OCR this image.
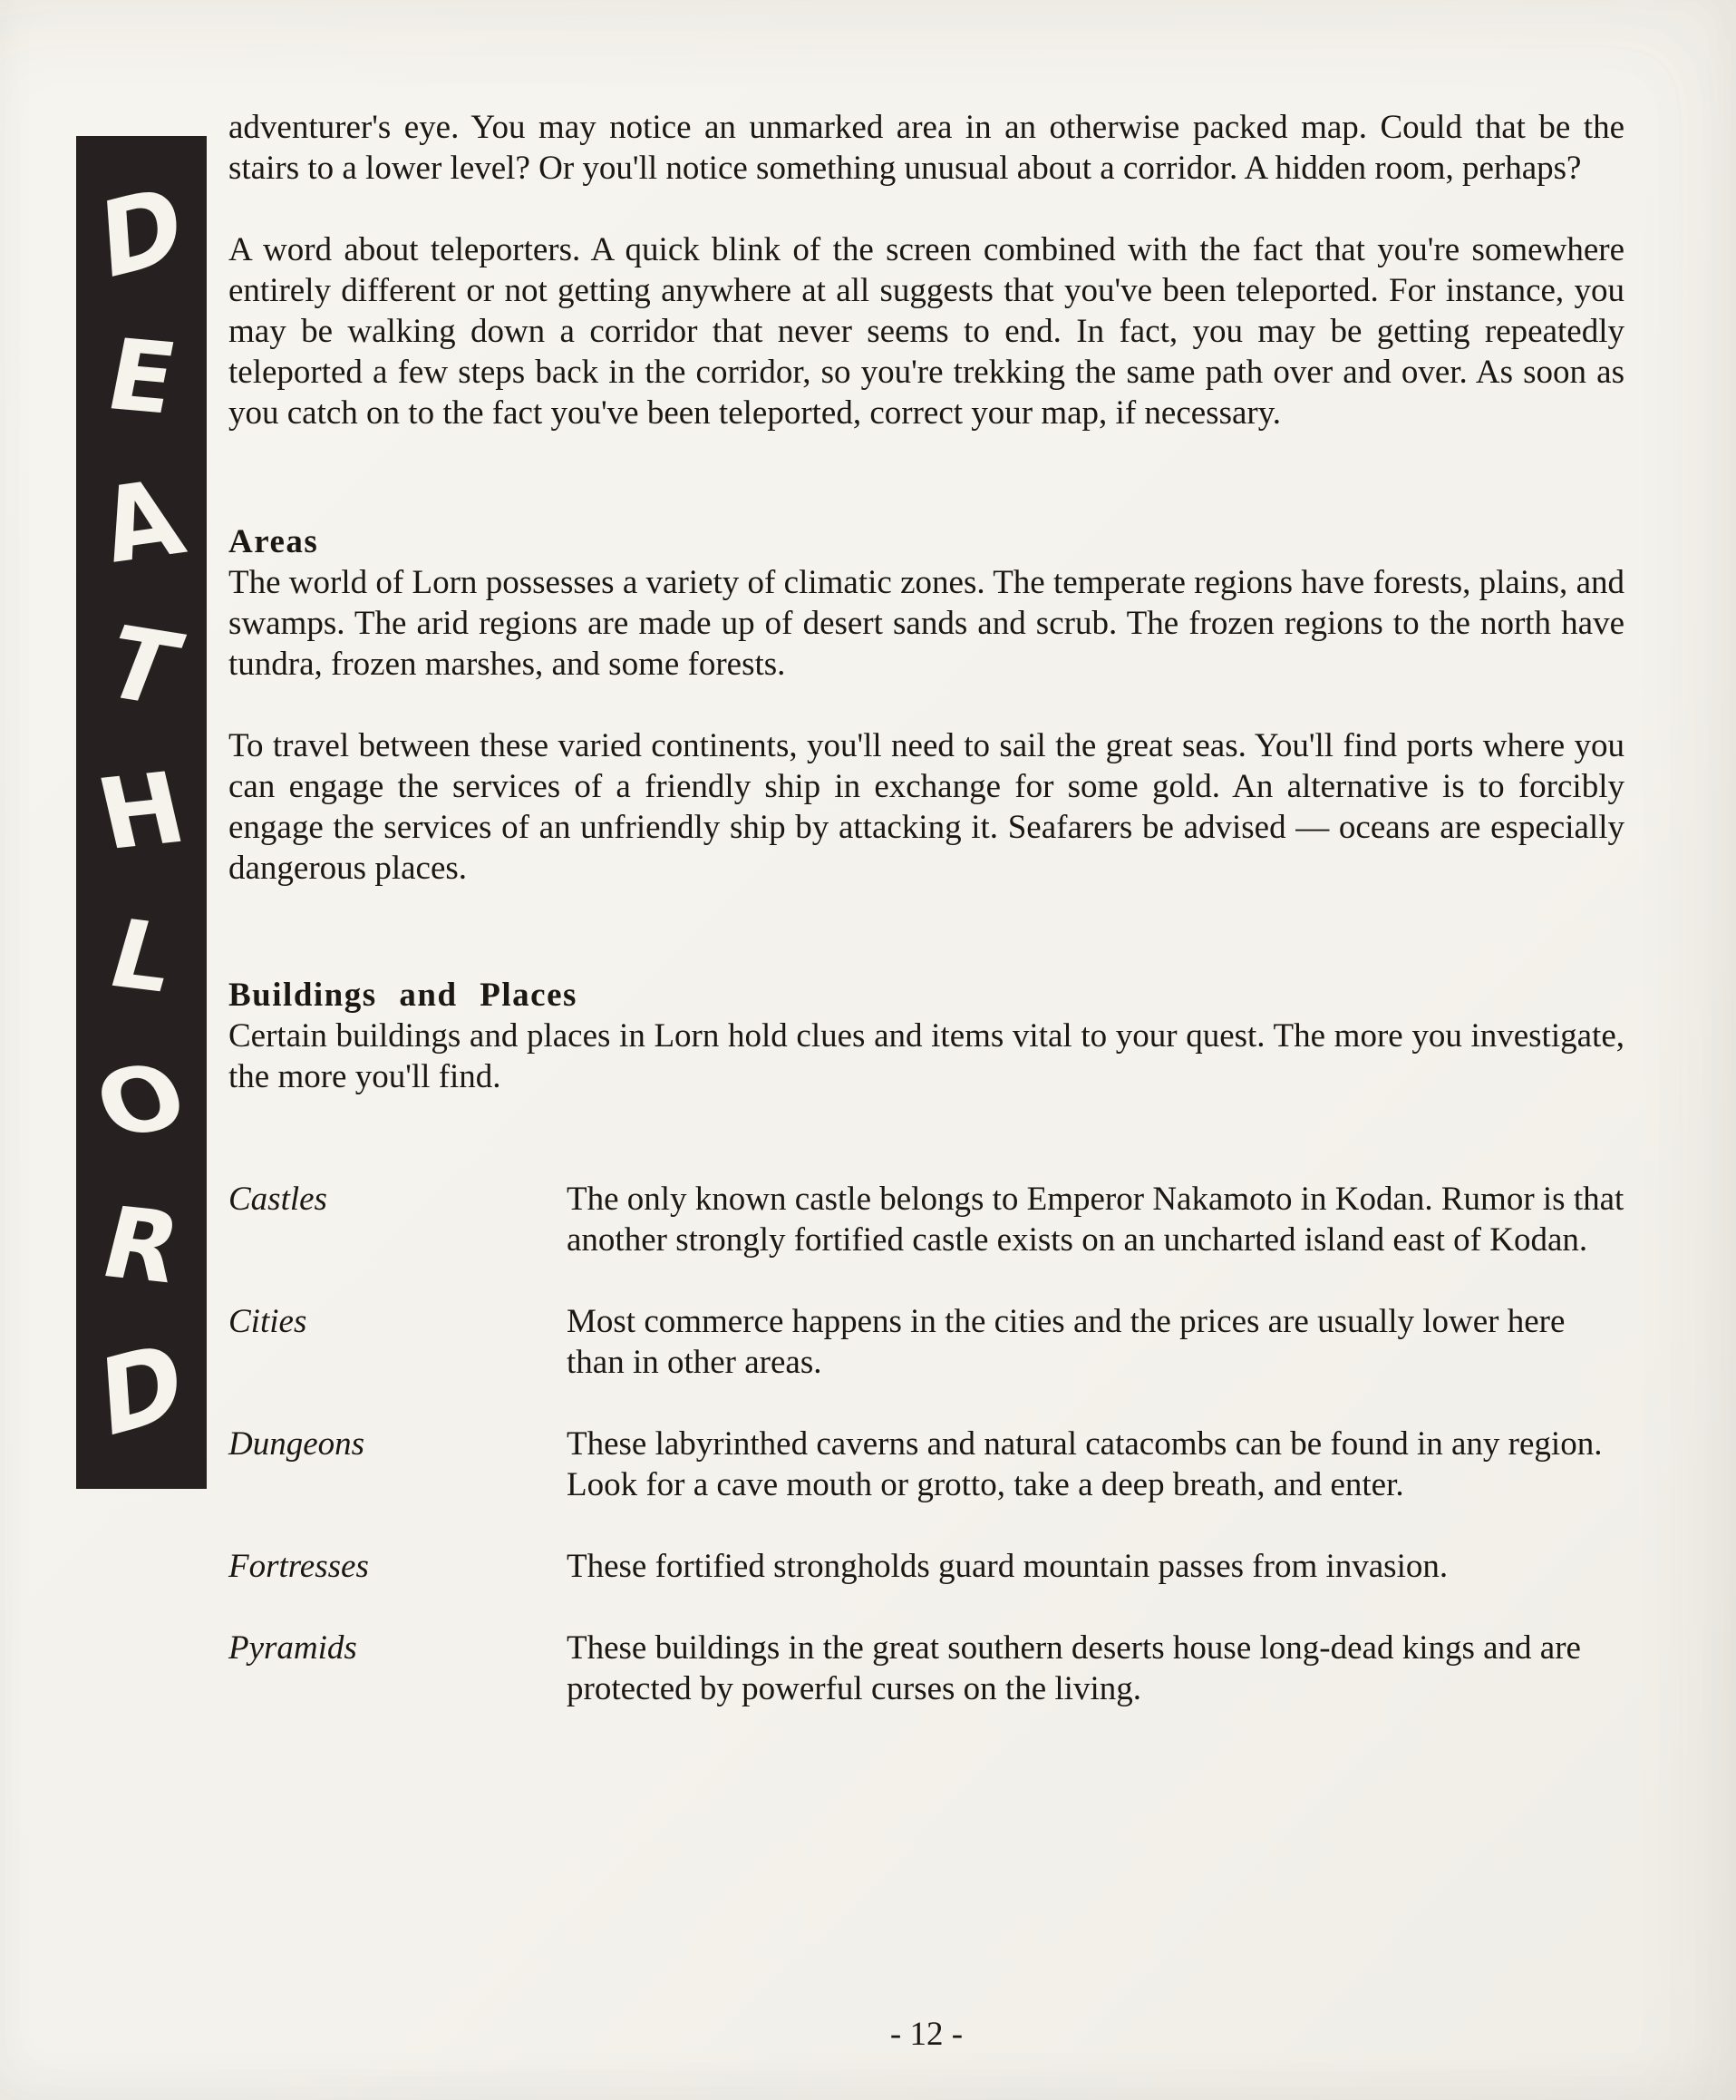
D
E
A
T
H
L
O
R
D

adventurer's eye. You may notice an unmarked area in an otherwise packed map. Could that be the stairs to a lower level? Or you'll notice something unusual about a corridor. A hidden room, perhaps?

A word about teleporters. A quick blink of the screen combined with the fact that you're somewhere entirely different or not getting anywhere at all suggests that you've been teleported. For instance, you may be walking down a corridor that never seems to end. In fact, you may be getting repeatedly teleported a few steps back in the corridor, so you're trekking the same path over and over. As soon as you catch on to the fact you've been teleported, correct your map, if necessary.

Areas

The world of Lorn possesses a variety of climatic zones. The temperate regions have forests, plains, and swamps. The arid regions are made up of desert sands and scrub. The frozen regions to the north have tundra, frozen marshes, and some forests.

To travel between these varied continents, you'll need to sail the great seas. You'll find ports where you can engage the services of a friendly ship in exchange for some gold. An alternative is to forcibly engage the services of an unfriendly ship by attacking it. Seafarers be advised — oceans are especially dangerous places.

Buildings and Places

Certain buildings and places in Lorn hold clues and items vital to your quest. The more you investigate, the more you'll find.

Castles	The only known castle belongs to Emperor Nakamoto in Kodan. Rumor is that another strongly fortified castle exists on an uncharted island east of Kodan.
Cities	Most commerce happens in the cities and the prices are usually lower here than in other areas.
Dungeons	These labyrinthed caverns and natural catacombs can be found in any region. Look for a cave mouth or grotto, take a deep breath, and enter.
Fortresses	These fortified strongholds guard mountain passes from invasion.
Pyramids	These buildings in the great southern deserts house long-dead kings and are protected by powerful curses on the living.
- 12 -
